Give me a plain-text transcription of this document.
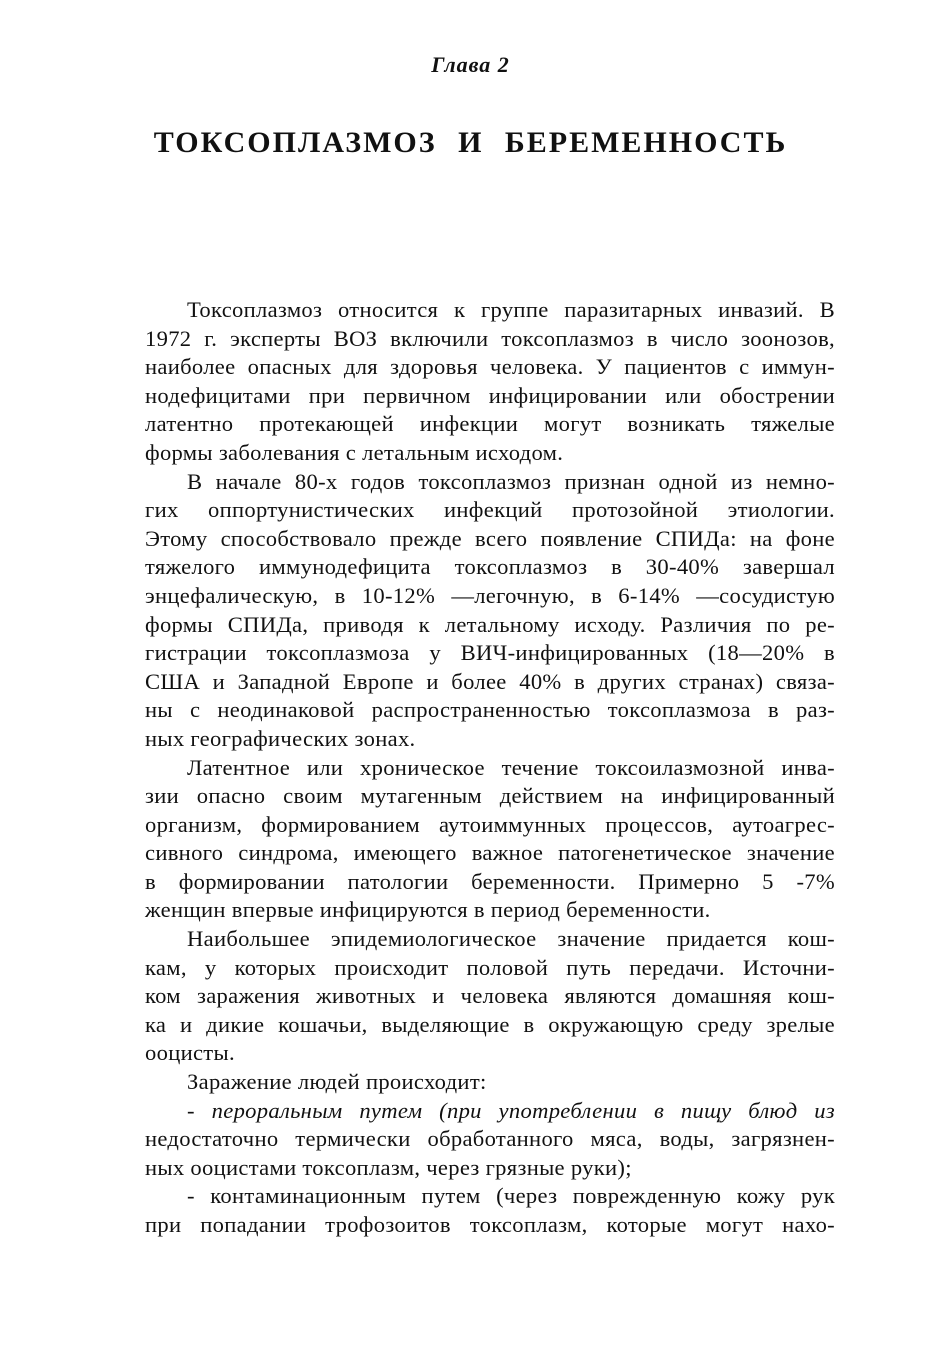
Глава 2
ТОКСОПЛАЗМОЗ И БЕРЕМЕННОСТЬ
Токсоплазмоз относится к группе паразитарных инвазий. В
1972 г. эксперты ВОЗ включили токсоплазмоз в число зоонозов,
наиболее опасных для здоровья человека. У пациентов с иммун-
нодефицитами при первичном инфицировании или обострении
латентно протекающей инфекции могут возникать тяжелые
формы заболевания с летальным исходом.
В начале 80-х годов токсоплазмоз признан одной из немно-
гих оппортунистических инфекций протозойной этиологии.
Этому способствовало прежде всего появление СПИДа: на фоне
тяжелого иммунодефицита токсоплазмоз в 30-40% завершал
энцефалическую, в 10-12% —легочную, в 6-14% —сосудистую
формы СПИДа, приводя к летальному исходу. Различия по ре-
гистрации токсоплазмоза у ВИЧ-инфицированных (18—20% в
США и Западной Европе и более 40% в других странах) связа-
ны с неодинаковой распространенностью токсоплазмоза в раз-
ных географических зонах.
Латентное или хроническое течение токсоилазмозной инва-
зии опасно своим мутагенным действием на инфицированный
организм, формированием аутоиммунных процессов, аутоагрес-
сивного синдрома, имеющего важное патогенетическое значение
в формировании патологии беременности. Примерно 5 -7%
женщин впервые инфицируются в период беременности.
Наибольшее эпидемиологическое значение придается кош-
кам, у которых происходит половой путь передачи. Источни-
ком заражения животных и человека являются домашняя кош-
ка и дикие кошачьи, выделяющие в окружающую среду зрелые
ооцисты.
Заражение людей происходит:
- пероральным путем (при употреблении в пищу блюд из
недостаточно термически обработанного мяса, воды, загрязнен-
ных ооцистами токсоплазм, через грязные руки);
- контаминационным путем (через поврежденную кожу рук
при попадании трофозоитов токсоплазм, которые могут нахо-
